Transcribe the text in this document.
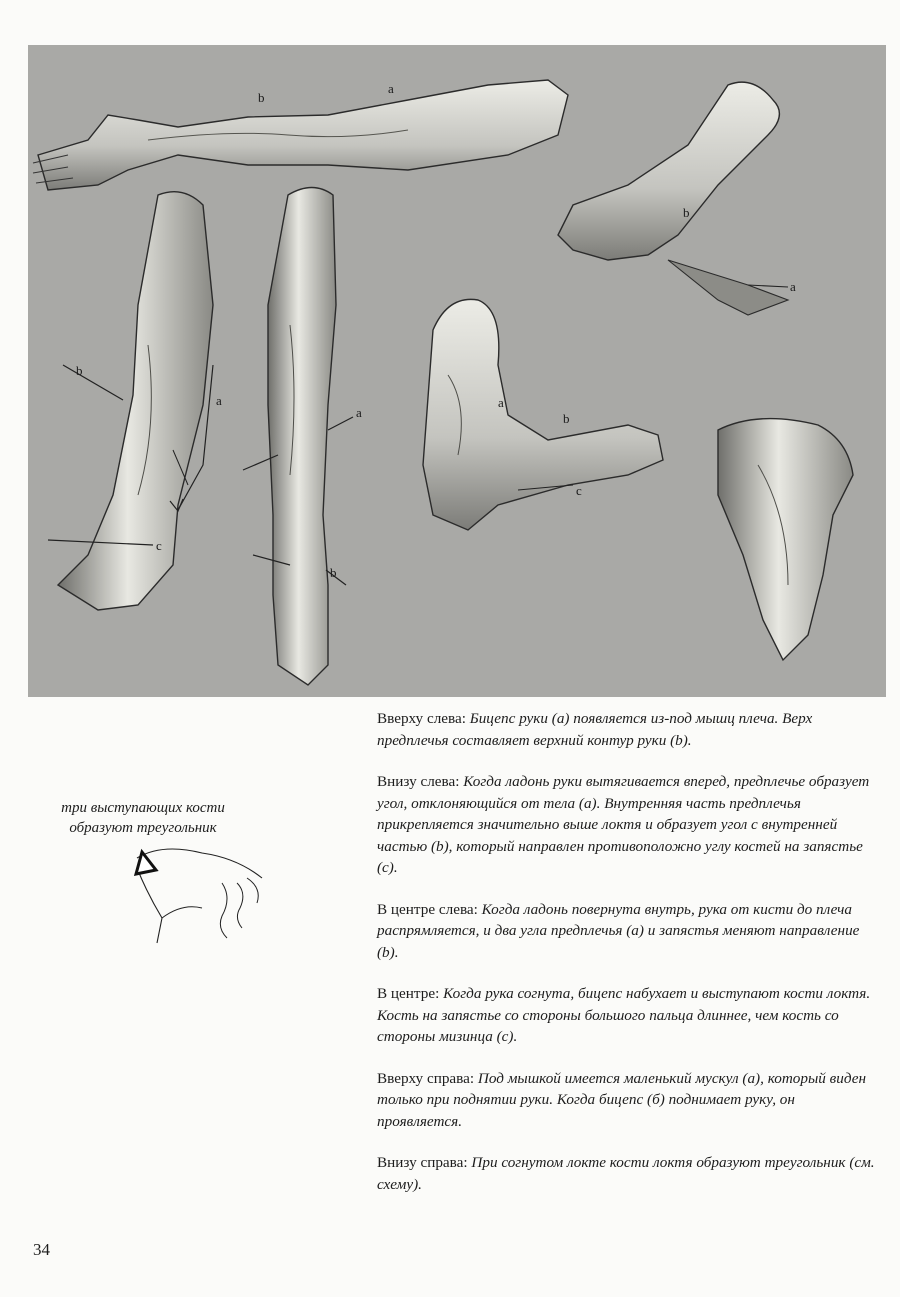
b
a
c
a
b
a
c
b
a
b
a
b
три выступающих кости образуют треугольник

Вверху слева: Бицепс руки (а) появляется из-под мышц плеча. Верх предплечья составляет верхний контур руки (b).

Внизу слева: Когда ладонь руки вытягивается вперед, предплечье образует угол, отклоняющийся от тела (а). Внутренняя часть предплечья прикрепляется значительно выше локтя и образует угол с внутренней частью (b), который направлен противоположно углу костей на запястье (с).

В центре слева: Когда ладонь повернута внутрь, рука от кисти до плеча распрямляется, и два угла предплечья (а) и запястья меняют направление (b).

В центре: Когда рука согнута, бицепс набухает и выступают кости локтя. Кость на запястье со стороны большого пальца длиннее, чем кость со стороны мизинца (с).

Вверху справа: Под мышкой имеется маленький мускул (а), который виден только при поднятии руки. Когда бицепс (б) поднимает руку, он проявляется.

Внизу справа: При согнутом локте кости локтя образуют треугольник (см. схему).

34
